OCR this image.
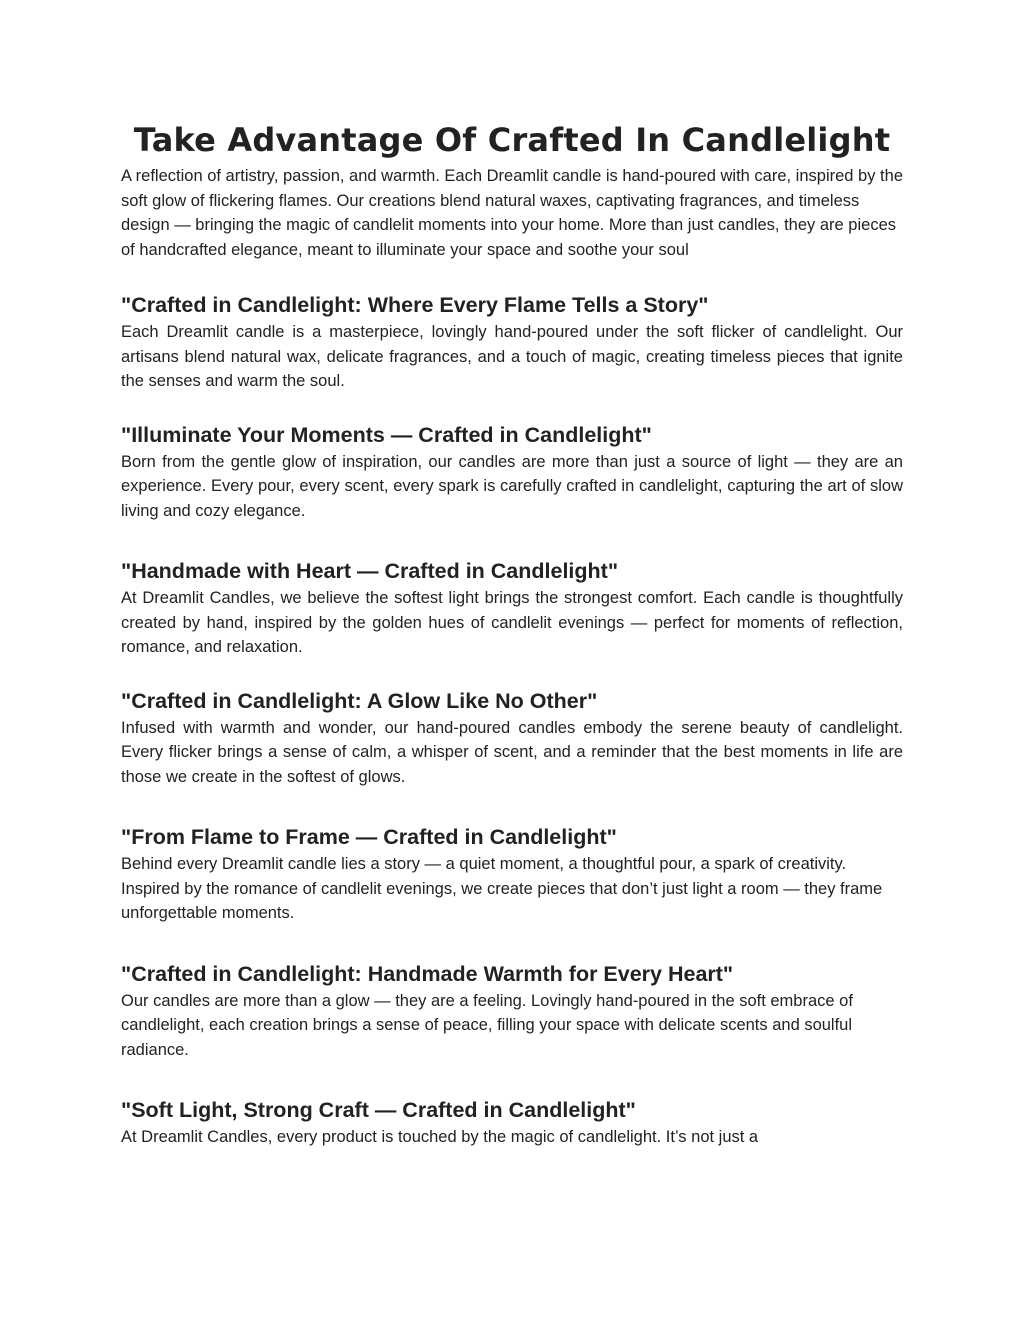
Take Advantage Of Crafted In Candlelight

A reflection of artistry, passion, and warmth. Each Dreamlit candle is hand-poured with care, inspired by the soft glow of flickering flames. Our creations blend natural waxes, captivating fragrances, and timeless design — bringing the magic of candlelit moments into your home. More than just candles, they are pieces of handcrafted elegance, meant to illuminate your space and soothe your soul

"Crafted in Candlelight: Where Every Flame Tells a Story"

Each Dreamlit candle is a masterpiece, lovingly hand-poured under the soft flicker of candlelight. Our artisans blend natural wax, delicate fragrances, and a touch of magic, creating timeless pieces that ignite the senses and warm the soul.

"Illuminate Your Moments — Crafted in Candlelight"

Born from the gentle glow of inspiration, our candles are more than just a source of light — they are an experience. Every pour, every scent, every spark is carefully crafted in candlelight, capturing the art of slow living and cozy elegance.

"Handmade with Heart — Crafted in Candlelight"

At Dreamlit Candles, we believe the softest light brings the strongest comfort. Each candle is thoughtfully created by hand, inspired by the golden hues of candlelit evenings — perfect for moments of reflection, romance, and relaxation.

"Crafted in Candlelight: A Glow Like No Other"

Infused with warmth and wonder, our hand-poured candles embody the serene beauty of candlelight. Every flicker brings a sense of calm, a whisper of scent, and a reminder that the best moments in life are those we create in the softest of glows.

"From Flame to Frame — Crafted in Candlelight"

Behind every Dreamlit candle lies a story — a quiet moment, a thoughtful pour, a spark of creativity. Inspired by the romance of candlelit evenings, we create pieces that don’t just light a room — they frame unforgettable moments.

"Crafted in Candlelight: Handmade Warmth for Every Heart"

Our candles are more than a glow — they are a feeling. Lovingly hand-poured in the soft embrace of candlelight, each creation brings a sense of peace, filling your space with delicate scents and soulful radiance.

"Soft Light, Strong Craft — Crafted in Candlelight"

At Dreamlit Candles, every product is touched by the magic of candlelight. It’s not just a
